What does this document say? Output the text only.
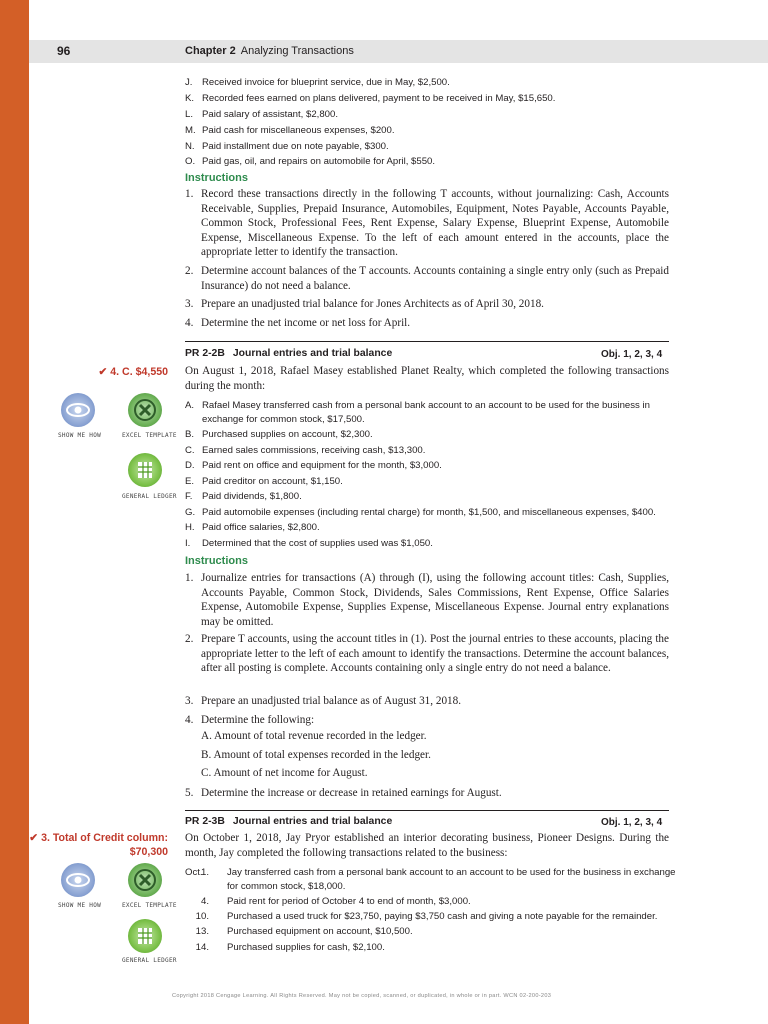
96	Chapter 2 Analyzing Transactions
J. Received invoice for blueprint service, due in May, $2,500.
K. Recorded fees earned on plans delivered, payment to be received in May, $15,650.
L. Paid salary of assistant, $2,800.
M. Paid cash for miscellaneous expenses, $200.
N. Paid installment due on note payable, $300.
O. Paid gas, oil, and repairs on automobile for April, $550.
Instructions
1. Record these transactions directly in the following T accounts, without journalizing: Cash, Accounts Receivable, Supplies, Prepaid Insurance, Automobiles, Equipment, Notes Payable, Accounts Payable, Common Stock, Professional Fees, Rent Expense, Salary Expense, Blueprint Expense, Automobile Expense, Miscellaneous Expense. To the left of each amount entered in the accounts, place the appropriate letter to identify the transaction.
2. Determine account balances of the T accounts. Accounts containing a single entry only (such as Prepaid Insurance) do not need a balance.
3. Prepare an unadjusted trial balance for Jones Architects as of April 30, 2018.
4. Determine the net income or net loss for April.
PR 2-2B Journal entries and trial balance	Obj. 1, 2, 3, 4
✔ 4. C. $4,550 On August 1, 2018, Rafael Masey established Planet Realty, which completed the following transactions during the month:
SHOW ME HOW	EXCEL TEMPLATE
GENERAL LEDGER
A. Rafael Masey transferred cash from a personal bank account to an account to be used for the business in
exchange for common stock, $17,500.
B. Purchased supplies on account, $2,300.
C. Earned sales commissions, receiving cash, $13,300.
D. Paid rent on office and equipment for the month, $3,000.
E. Paid creditor on account, $1,150.
F. Paid dividends, $1,800.
G. Paid automobile expenses (including rental charge) for month, $1,500, and miscellaneous expenses, $400.
H. Paid office salaries, $2,800.
I. Determined that the cost of supplies used was $1,050.
Instructions
1. Journalize entries for transactions (A) through (I), using the following account titles: Cash, Supplies, Accounts Payable, Common Stock, Dividends, Sales Commissions, Rent Expense, Office Salaries Expense, Automobile Expense, Supplies Expense, Miscellaneous Expense. Journal entry explanations may be omitted.
2. Prepare T accounts, using the account titles in (1). Post the journal entries to these accounts, placing the appropriate letter to the left of each amount to identify the transactions. Determine the account balances, after all posting is complete. Accounts containing only a single entry do not need a balance.
3. Prepare an unadjusted trial balance as of August 31, 2018.
4. Determine the following:
A. Amount of total revenue recorded in the ledger.
B. Amount of total expenses recorded in the ledger.
C. Amount of net income for August.
5. Determine the increase or decrease in retained earnings for August.
PR 2-3B Journal entries and trial balance	Obj. 1, 2, 3, 4
✔ 3. Total of Credit column:
$70,300
On October 1, 2018, Jay Pryor established an interior decorating business, Pioneer Designs. During the month, Jay completed the following transactions related to the business:
SHOW ME HOW	EXCEL TEMPLATE
GENERAL LEDGER
Oct.
1. Jay transferred cash from a personal bank account to an account to be used for the business in exchange
for common stock, $18,000.
4. Paid rent for period of October 4 to end of month, $3,000.
10. Purchased a used truck for $23,750, paying $3,750 cash and giving a note payable for the remainder.
13. Purchased equipment on account, $10,500.
14. Purchased supplies for cash, $2,100.
Copyright 2018 Cengage Learning. All Rights Reserved. May not be copied, scanned, or duplicated, in whole or in part. WCN 02-200-203
